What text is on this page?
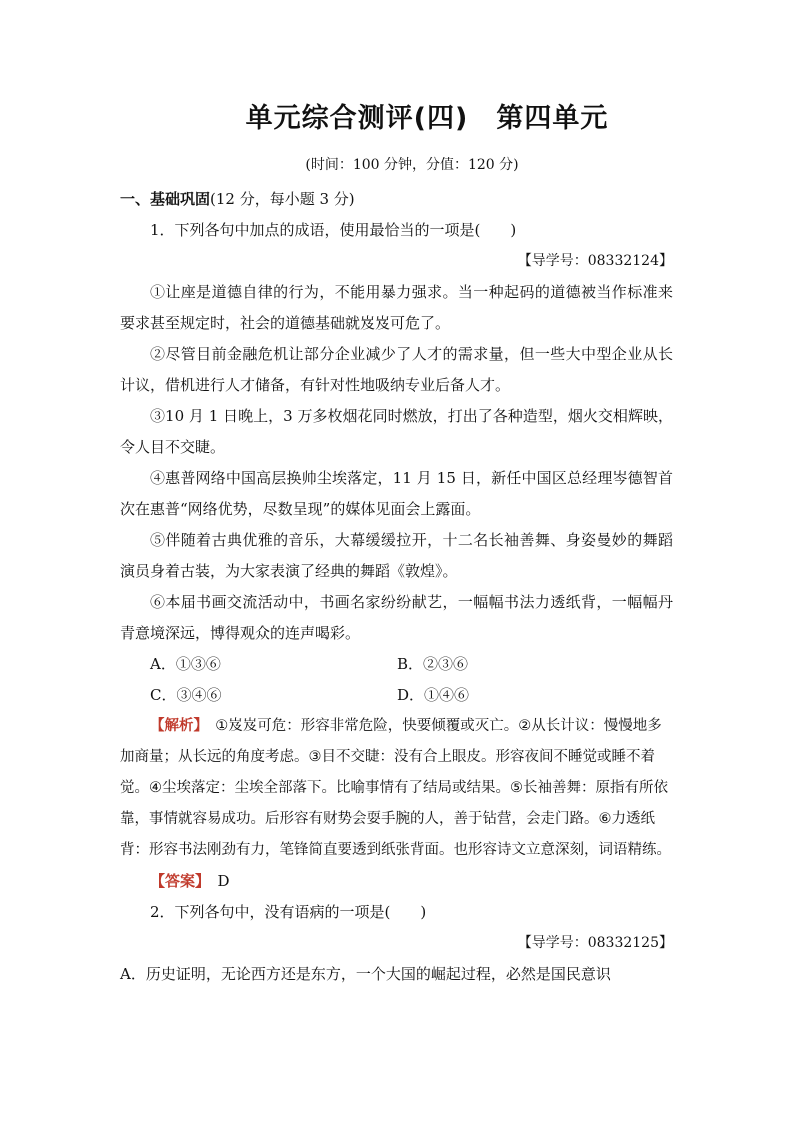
单元综合测评(四)　第四单元
(时间：100 分钟，分值：120 分)
一、基础巩固(12 分，每小题 3 分)
1．下列各句中加点的成语，使用最恰当的一项是(　　)
【导学号：08332124】
①让座是道德自律的行为，不能用暴力强求。当一种起码的道德被当作标准来要求甚至规定时，社会的道德基础就岌岌可危了。
②尽管目前金融危机让部分企业减少了人才的需求量，但一些大中型企业从长计议，借机进行人才储备，有针对性地吸纳专业后备人才。
③10 月 1 日晚上，3 万多枚烟花同时燃放，打出了各种造型，烟火交相辉映，令人目不交睫。
④惠普网络中国高层换帅尘埃落定，11 月 15 日，新任中国区总经理岑德智首次在惠普“网络优势，尽数呈现”的媒体见面会上露面。
⑤伴随着古典优雅的音乐，大幕缓缓拉开，十二名长袖善舞、身姿曼妙的舞蹈演员身着古装，为大家表演了经典的舞蹈《敦煌》。
⑥本届书画交流活动中，书画名家纷纷献艺，一幅幅书法力透纸背，一幅幅丹青意境深远，博得观众的连声喝彩。
A．①③⑥	B．②③⑥
C．③④⑥	D．①④⑥
【解析】　 ①岌岌可危：形容非常危险，快要倾覆或灭亡。②从长计议：慢慢地多加商量；从长远的角度考虑。③目不交睫：没有合上眼皮。形容夜间不睡觉或睡不着觉。④尘埃落定：尘埃全部落下。比喻事情有了结局或结果。⑤长袖善舞：原指有所依靠，事情就容易成功。后形容有财势会耍手腕的人，善于钻营，会走门路。⑥力透纸背：形容书法刚劲有力，笔锋简直要透到纸张背面。也形容诗文立意深刻，词语精练。
【答案】　 D
2．下列各句中，没有语病的一项是(　　)
【导学号：08332125】
A．历史证明，无论西方还是东方，一个大国的崛起过程，必然是国民意识
